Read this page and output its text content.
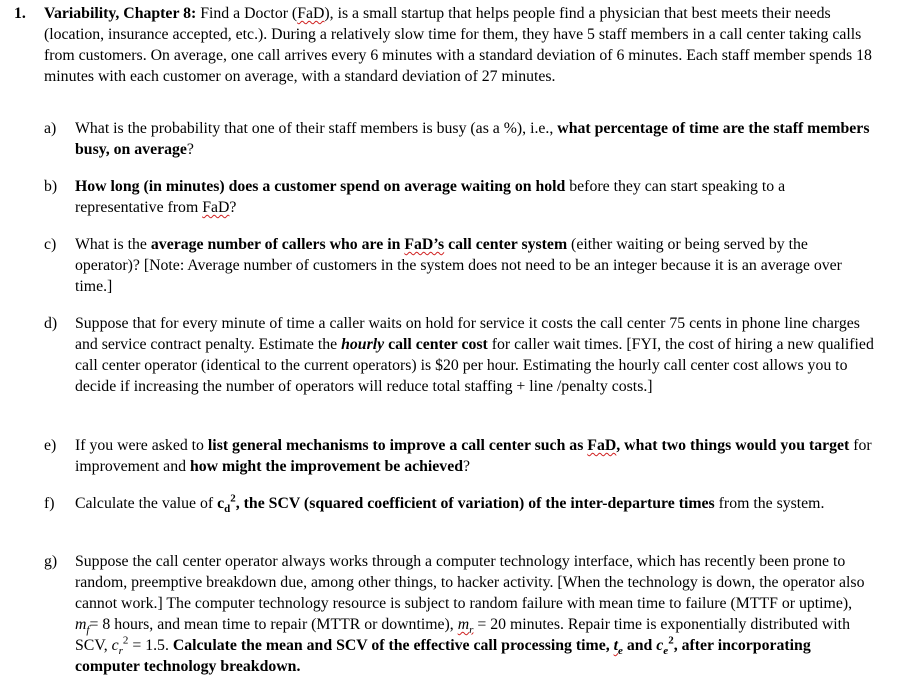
1. Variability, Chapter 8: Find a Doctor (FaD), is a small startup that helps people find a physician that best meets their needs (location, insurance accepted, etc.). During a relatively slow time for them, they have 5 staff members in a call center taking calls from customers. On average, one call arrives every 6 minutes with a standard deviation of 6 minutes. Each staff member spends 18 minutes with each customer on average, with a standard deviation of 27 minutes.
a) What is the probability that one of their staff members is busy (as a %), i.e., what percentage of time are the staff members busy, on average?
b) How long (in minutes) does a customer spend on average waiting on hold before they can start speaking to a representative from FaD?
c) What is the average number of callers who are in FaD’s call center system (either waiting or being served by the operator)? [Note: Average number of customers in the system does not need to be an integer because it is an average over time.]
d) Suppose that for every minute of time a caller waits on hold for service it costs the call center 75 cents in phone line charges and service contract penalty. Estimate the hourly call center cost for caller wait times. [FYI, the cost of hiring a new qualified call center operator (identical to the current operators) is $20 per hour. Estimating the hourly call center cost allows you to decide if increasing the number of operators will reduce total staffing + line /penalty costs.]
e) If you were asked to list general mechanisms to improve a call center such as FaD, what two things would you target for improvement and how might the improvement be achieved?
f) Calculate the value of $c_d^2$, the SCV (squared coefficient of variation) of the inter-departure times from the system.
g) Suppose the call center operator always works through a computer technology interface, which has recently been prone to random, preemptive breakdown due, among other things, to hacker activity. [When the technology is down, the operator also cannot work.] The computer technology resource is subject to random failure with mean time to failure (MTTF or uptime), $m_f= 8$ hours, and mean time to repair (MTTR or downtime), $m_r = 20$ minutes. Repair time is exponentially distributed with SCV, $c_r^2 = 1.5$. Calculate the mean and SCV of the effective call processing time, $t_e$ and $c_e^2$, after incorporating computer technology breakdown.
